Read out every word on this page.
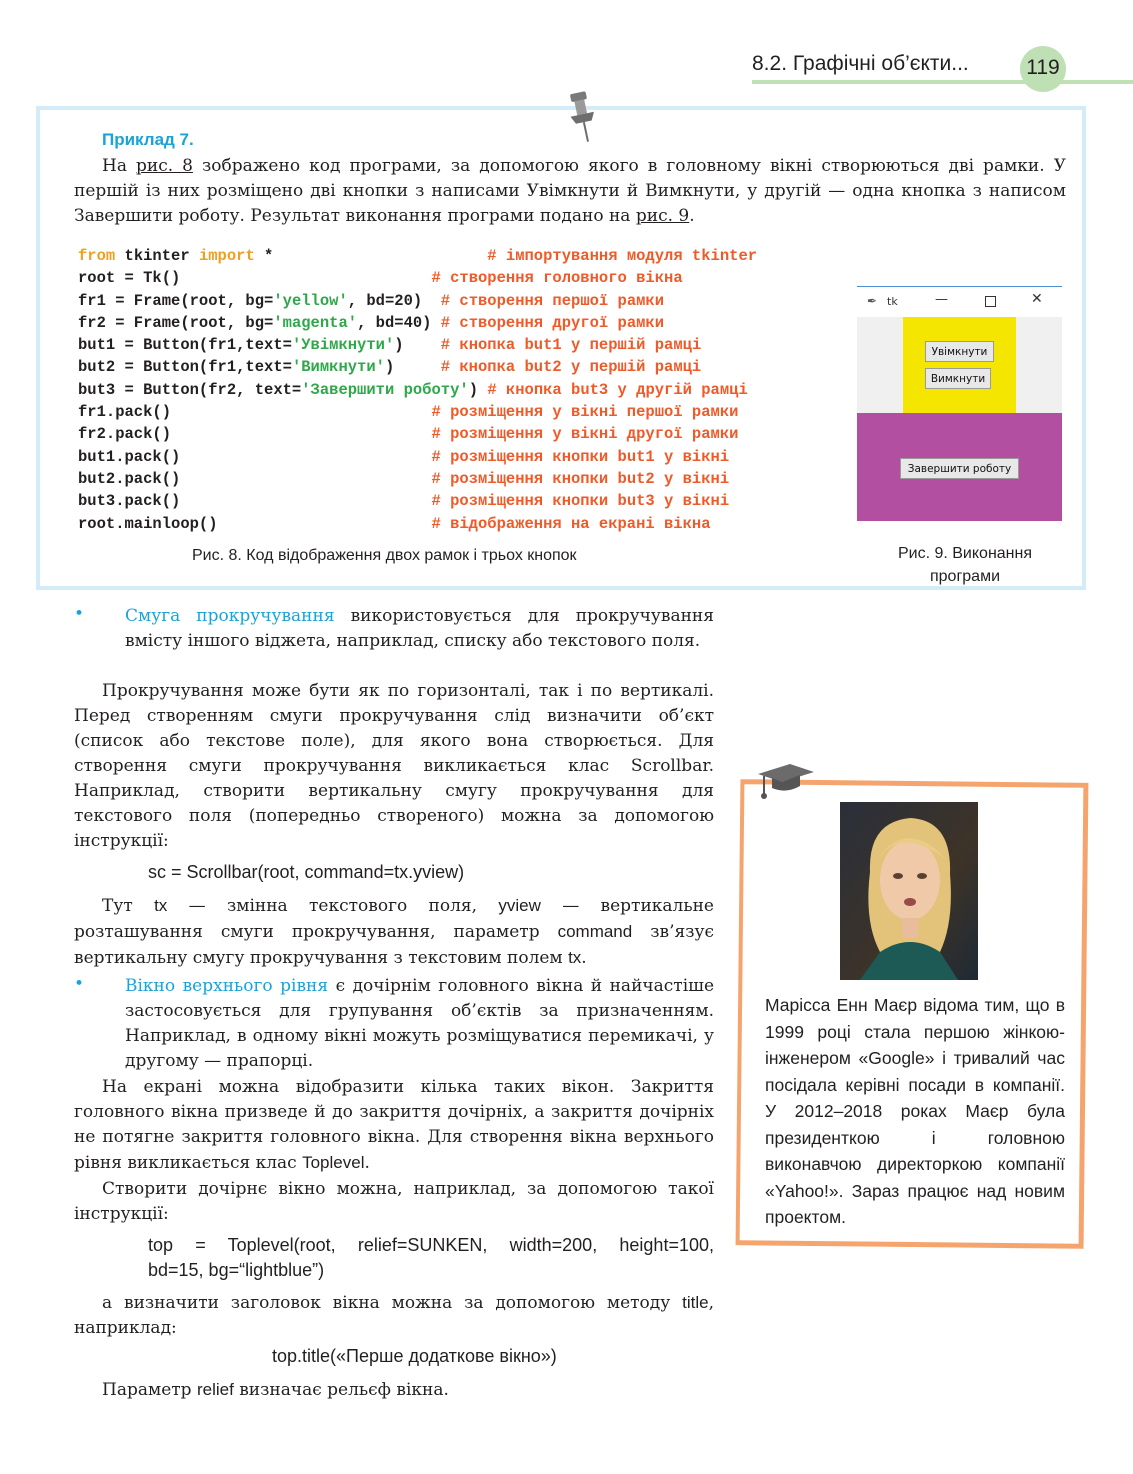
8.2. Графічні об’єкти...	119
Приклад 7.
На рис. 8 зображено код програми, за допомогою якого в головному вікні створюються дві рамки. У першій із них розміщено дві кнопки з написами Увімкнути й Вимкнути, у другій — одна кнопка з написом Завершити роботу. Результат виконання програми подано на рис. 9.
from tkinter import *	# імпортування модуля tkinter
root = Tk()	# створення головного вікна
fr1 = Frame(root, bg='yellow', bd=20) # створення першої рамки
fr2 = Frame(root, bg='magenta', bd=40) # створення другої рамки
but1 = Button(fr1,text='Увімкнути') # кнопка but1 у першій рамці
but2 = Button(fr1,text='Вимкнути')	# кнопка but2 у першій рамці
but3 = Button(fr2, text='Завершити роботу') # кнопка but3 у другій рамці
fr1.pack()	# розміщення у вікні першої рамки
fr2.pack()	# розміщення у вікні другої рамки
but1.pack()	# розміщення кнопки but1 у вікні
but2.pack()	# розміщення кнопки but2 у вікні
but3.pack()	# розміщення кнопки but3 у вікні
root.mainloop()	# відображення на екрані вікна
Рис. 8. Код відображення двох рамок і трьох кнопок
✒ tk	—	✕
Увімкнути
Вимкнути
Завершити роботу
Рис. 9. Виконання
програми
• Смуга прокручування використовується для прокручування вмісту іншого віджета, наприклад, списку або текстового поля.

Прокручування може бути як по горизонталі, так і по вертикалі. Перед створенням смуги прокручування слід визначити об’єкт (список або текстове поле), для якого вона створюється. Для створення смуги прокручування викликається клас Scrollbar. Наприклад, створити вертикальну смугу прокручування для текстового поля (попередньо створеного) можна за допомогою інструкції:

sc = Scrollbar(root, command=tx.yview)

Тут tx — змінна текстового поля, yview — вертикальне розташування смуги прокручування, параметр command зв’язує вертикальну смугу прокручування з текстовим полем tx.

• Вікно верхнього рівня є дочірнім головного вікна й найчастіше застосовується для групування об’єктів за призначенням. Наприклад, в одному вікні можуть розміщуватися перемикачі, у другому — прапорці.

На екрані можна відобразити кілька таких вікон. Закриття головного вікна призведе й до закриття дочірніх, а закриття дочірніх не потягне закриття головного вікна. Для створення вікна верхнього рівня викликається клас Toplevel.

Створити дочірнє вікно можна, наприклад, за допомогою такої інструкції:

top = Toplevel(root, relief=SUNKEN, width=200, height=100,
bd=15, bg=“lightblue”)

а визначити заголовок вікна можна за допомогою методу title, наприклад:

top.title(«Перше додаткове вікно»)

Параметр relief визначає рельєф вікна.

Марісса Енн Маєр відома тим, що в 1999 році стала першою жінкою-інженером «Google» і тривалий час посідала керівні посади в компанії. У 2012–2018 роках Маєр була президенткою і головною виконавчою директоркою компанії «Yahoo!». Зараз працює над новим проектом.
